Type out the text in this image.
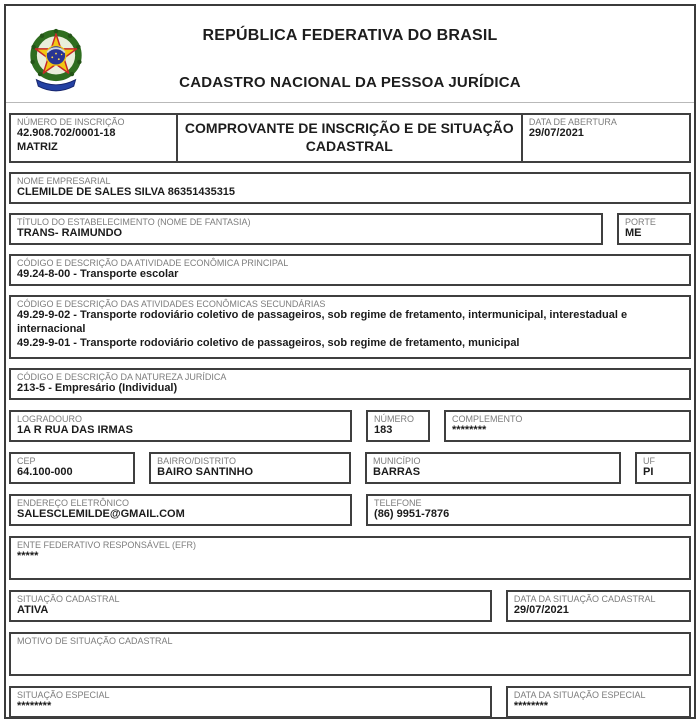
REPÚBLICA FEDERATIVA DO BRASIL
CADASTRO NACIONAL DA PESSOA JURÍDICA
NÚMERO DE INSCRIÇÃO
42.908.702/0001-18
MATRIZ
COMPROVANTE DE INSCRIÇÃO E DE SITUAÇÃO CADASTRAL
DATA DE ABERTURA
29/07/2021
NOME EMPRESARIAL
CLEMILDE DE SALES SILVA 86351435315
TÍTULO DO ESTABELECIMENTO (NOME DE FANTASIA)
TRANS- RAIMUNDO
PORTE
ME
CÓDIGO E DESCRIÇÃO DA ATIVIDADE ECONÔMICA PRINCIPAL
49.24-8-00 - Transporte escolar
CÓDIGO E DESCRIÇÃO DAS ATIVIDADES ECONÔMICAS SECUNDÁRIAS
49.29-9-02 - Transporte rodoviário coletivo de passageiros, sob regime de fretamento, intermunicipal, interestadual e internacional
49.29-9-01 - Transporte rodoviário coletivo de passageiros, sob regime de fretamento, municipal
CÓDIGO E DESCRIÇÃO DA NATUREZA JURÍDICA
213-5 - Empresário (Individual)
LOGRADOURO
1A R RUA DAS IRMAS
NÚMERO
183
COMPLEMENTO
********
CEP
64.100-000
BAIRRO/DISTRITO
BAIRO SANTINHO
MUNICÍPIO
BARRAS
UF
PI
ENDEREÇO ELETRÔNICO
SALESCLEMILDE@GMAIL.COM
TELEFONE
(86) 9951-7876
ENTE FEDERATIVO RESPONSÁVEL (EFR)
*****
SITUAÇÃO CADASTRAL
ATIVA
DATA DA SITUAÇÃO CADASTRAL
29/07/2021
MOTIVO DE SITUAÇÃO CADASTRAL
SITUAÇÃO ESPECIAL
********
DATA DA SITUAÇÃO ESPECIAL
********
